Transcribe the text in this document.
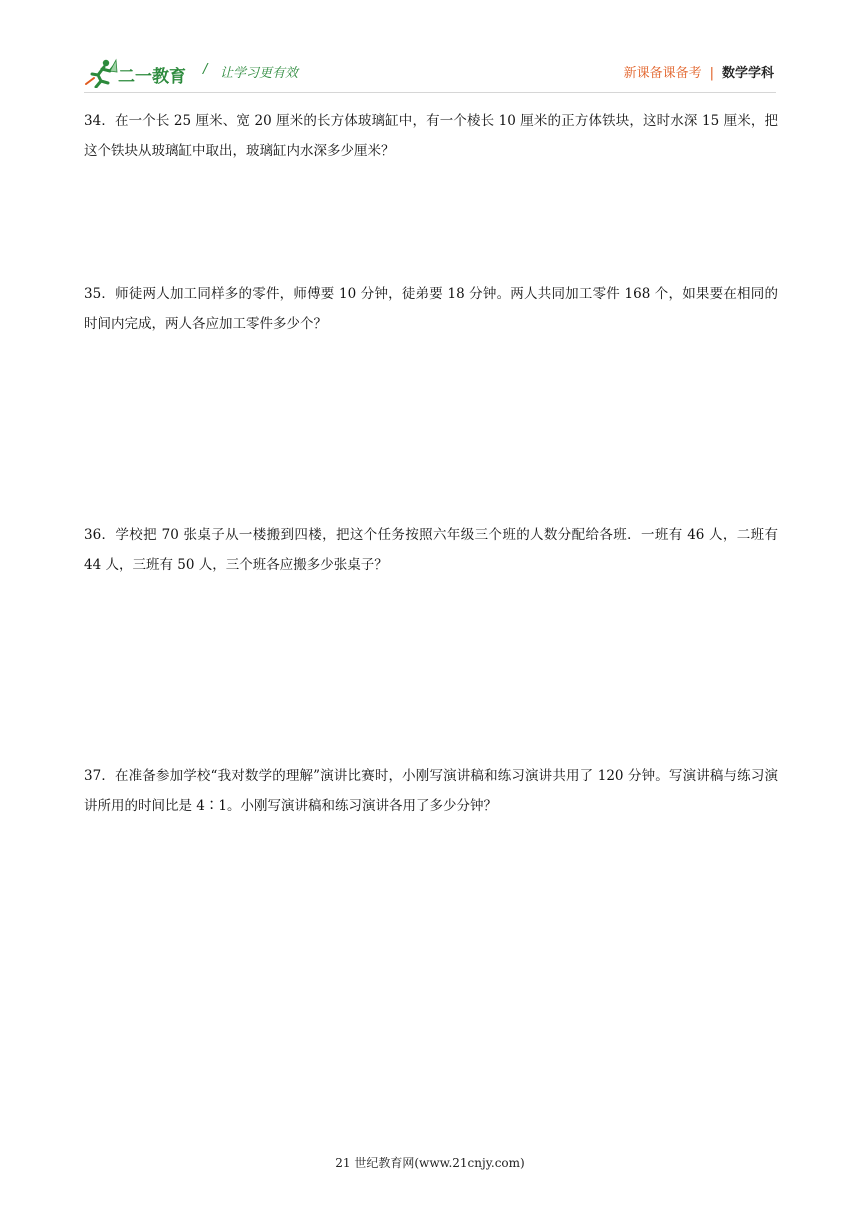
二一教育 / 让学习更有效	新课备课备考 | 数学学科
34．在一个长 25 厘米、宽 20 厘米的长方体玻璃缸中，有一个棱长 10 厘米的正方体铁块，这时水深 15 厘米，把这个铁块从玻璃缸中取出，玻璃缸内水深多少厘米？
35．师徒两人加工同样多的零件，师傅要 10 分钟，徒弟要 18 分钟。两人共同加工零件 168 个，如果要在相同的时间内完成，两人各应加工零件多少个？
36．学校把 70 张桌子从一楼搬到四楼，把这个任务按照六年级三个班的人数分配给各班．一班有 46 人，二班有 44 人，三班有 50 人，三个班各应搬多少张桌子？
37．在准备参加学校“我对数学的理解”演讲比赛时，小刚写演讲稿和练习演讲共用了 120 分钟。写演讲稿与练习演讲所用的时间比是 4∶1。小刚写演讲稿和练习演讲各用了多少分钟？
21 世纪教育网(www.21cnjy.com)
